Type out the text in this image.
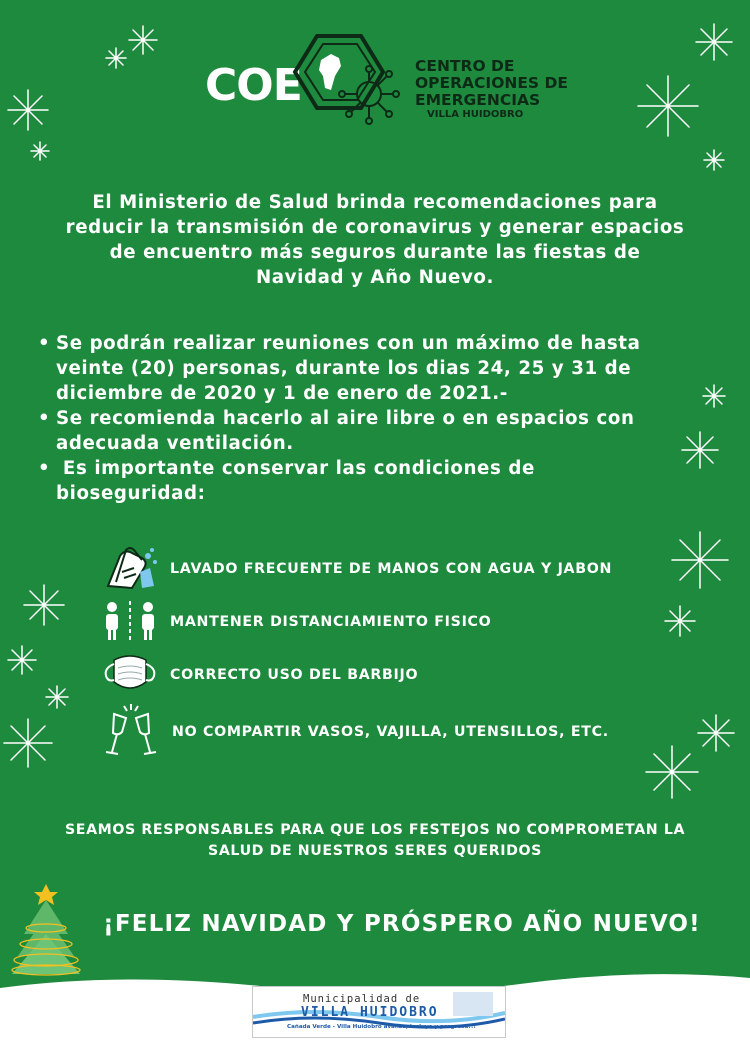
COE	CENTRO DE
OPERACIONES DE
EMERGENCIAS
VILLA HUIDOBRO
El Ministerio de Salud brinda recomendaciones para
reducir la transmisión de coronavirus y generar espacios
de encuentro más seguros durante las fiestas de
Navidad y Año Nuevo.
• Se podrán realizar reuniones con un máximo de hasta
veinte (20) personas, durante los dias 24, 25 y 31 de
diciembre de 2020 y 1 de enero de 2021.-
• Se recomienda hacerlo al aire libre o en espacios con
adecuada ventilación.
•  Es importante conservar las condiciones de
bioseguridad:
LAVADO FRECUENTE DE MANOS CON AGUA Y JABON
MANTENER DISTANCIAMIENTO FISICO
CORRECTO USO DEL BARBIJO
NO COMPARTIR VASOS, VAJILLA, UTENSILLOS, ETC.
SEAMOS RESPONSABLES PARA QUE LOS FESTEJOS NO COMPROMETAN LA
SALUD DE NUESTROS SERES QUERIDOS
¡FELIZ NAVIDAD Y PRÓSPERO AÑO NUEVO!
Municipalidad de
VILLA HUIDOBRO
Cañada Verde - Villa Huidobro avanza, incluye y progresa!!!
